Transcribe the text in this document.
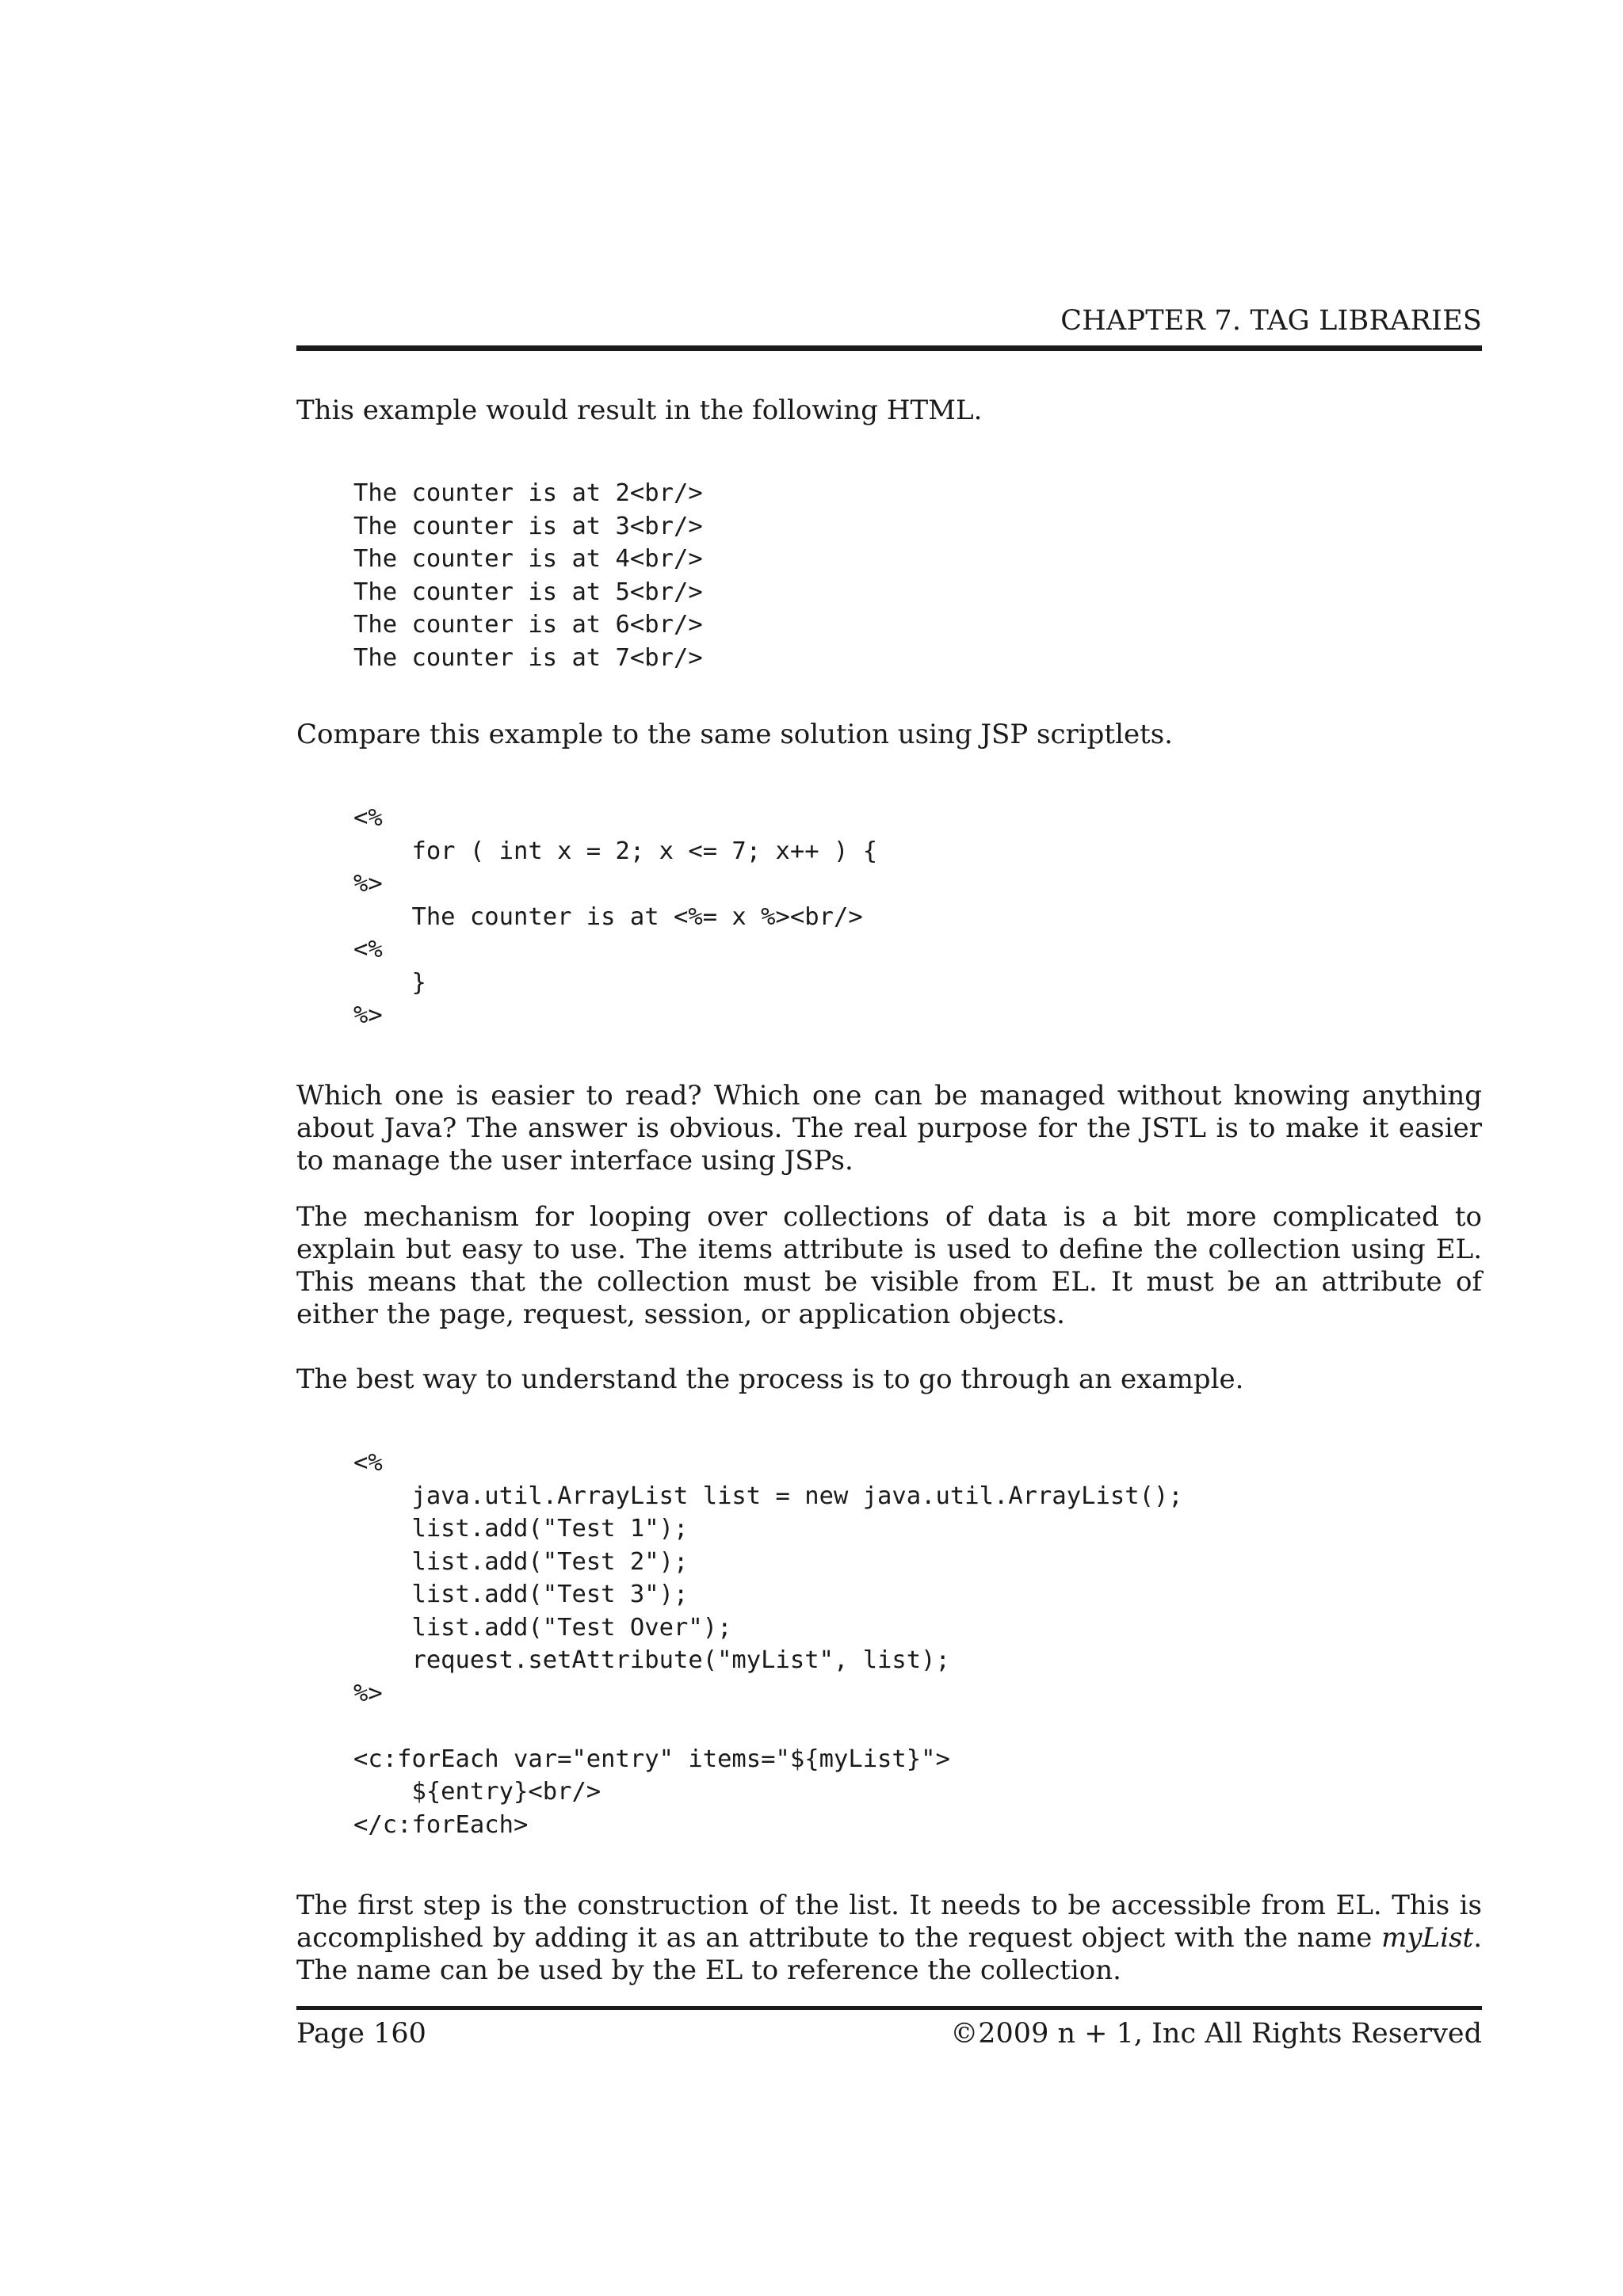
CHAPTER 7. TAG LIBRARIES
This example would result in the following HTML.
The counter is at 2<br/>
The counter is at 3<br/>
The counter is at 4<br/>
The counter is at 5<br/>
The counter is at 6<br/>
The counter is at 7<br/>
Compare this example to the same solution using JSP scriptlets.
<%
for ( int x = 2; x <= 7; x++ ) {
%>
The counter is at <%= x %><br/>
<%
}
%>
Which one is easier to read? Which one can be managed without knowing anything about Java? The answer is obvious. The real purpose for the JSTL is to make it easier to manage the user interface using JSPs.
The mechanism for looping over collections of data is a bit more complicated to explain but easy to use. The items attribute is used to define the collection using EL. This means that the collection must be visible from EL. It must be an attribute of either the page, request, session, or application objects.
The best way to understand the process is to go through an example.
<%
java.util.ArrayList list = new java.util.ArrayList();
list.add("Test 1");
list.add("Test 2");
list.add("Test 3");
list.add("Test Over");
request.setAttribute("myList", list);
%>

<c:forEach var="entry" items="${myList}">
${entry}<br/>
</c:forEach>
The first step is the construction of the list. It needs to be accessible from EL. This is accomplished by adding it as an attribute to the request object with the name myList. The name can be used by the EL to reference the collection.
Page 160	©2009 n + 1, Inc All Rights Reserved
